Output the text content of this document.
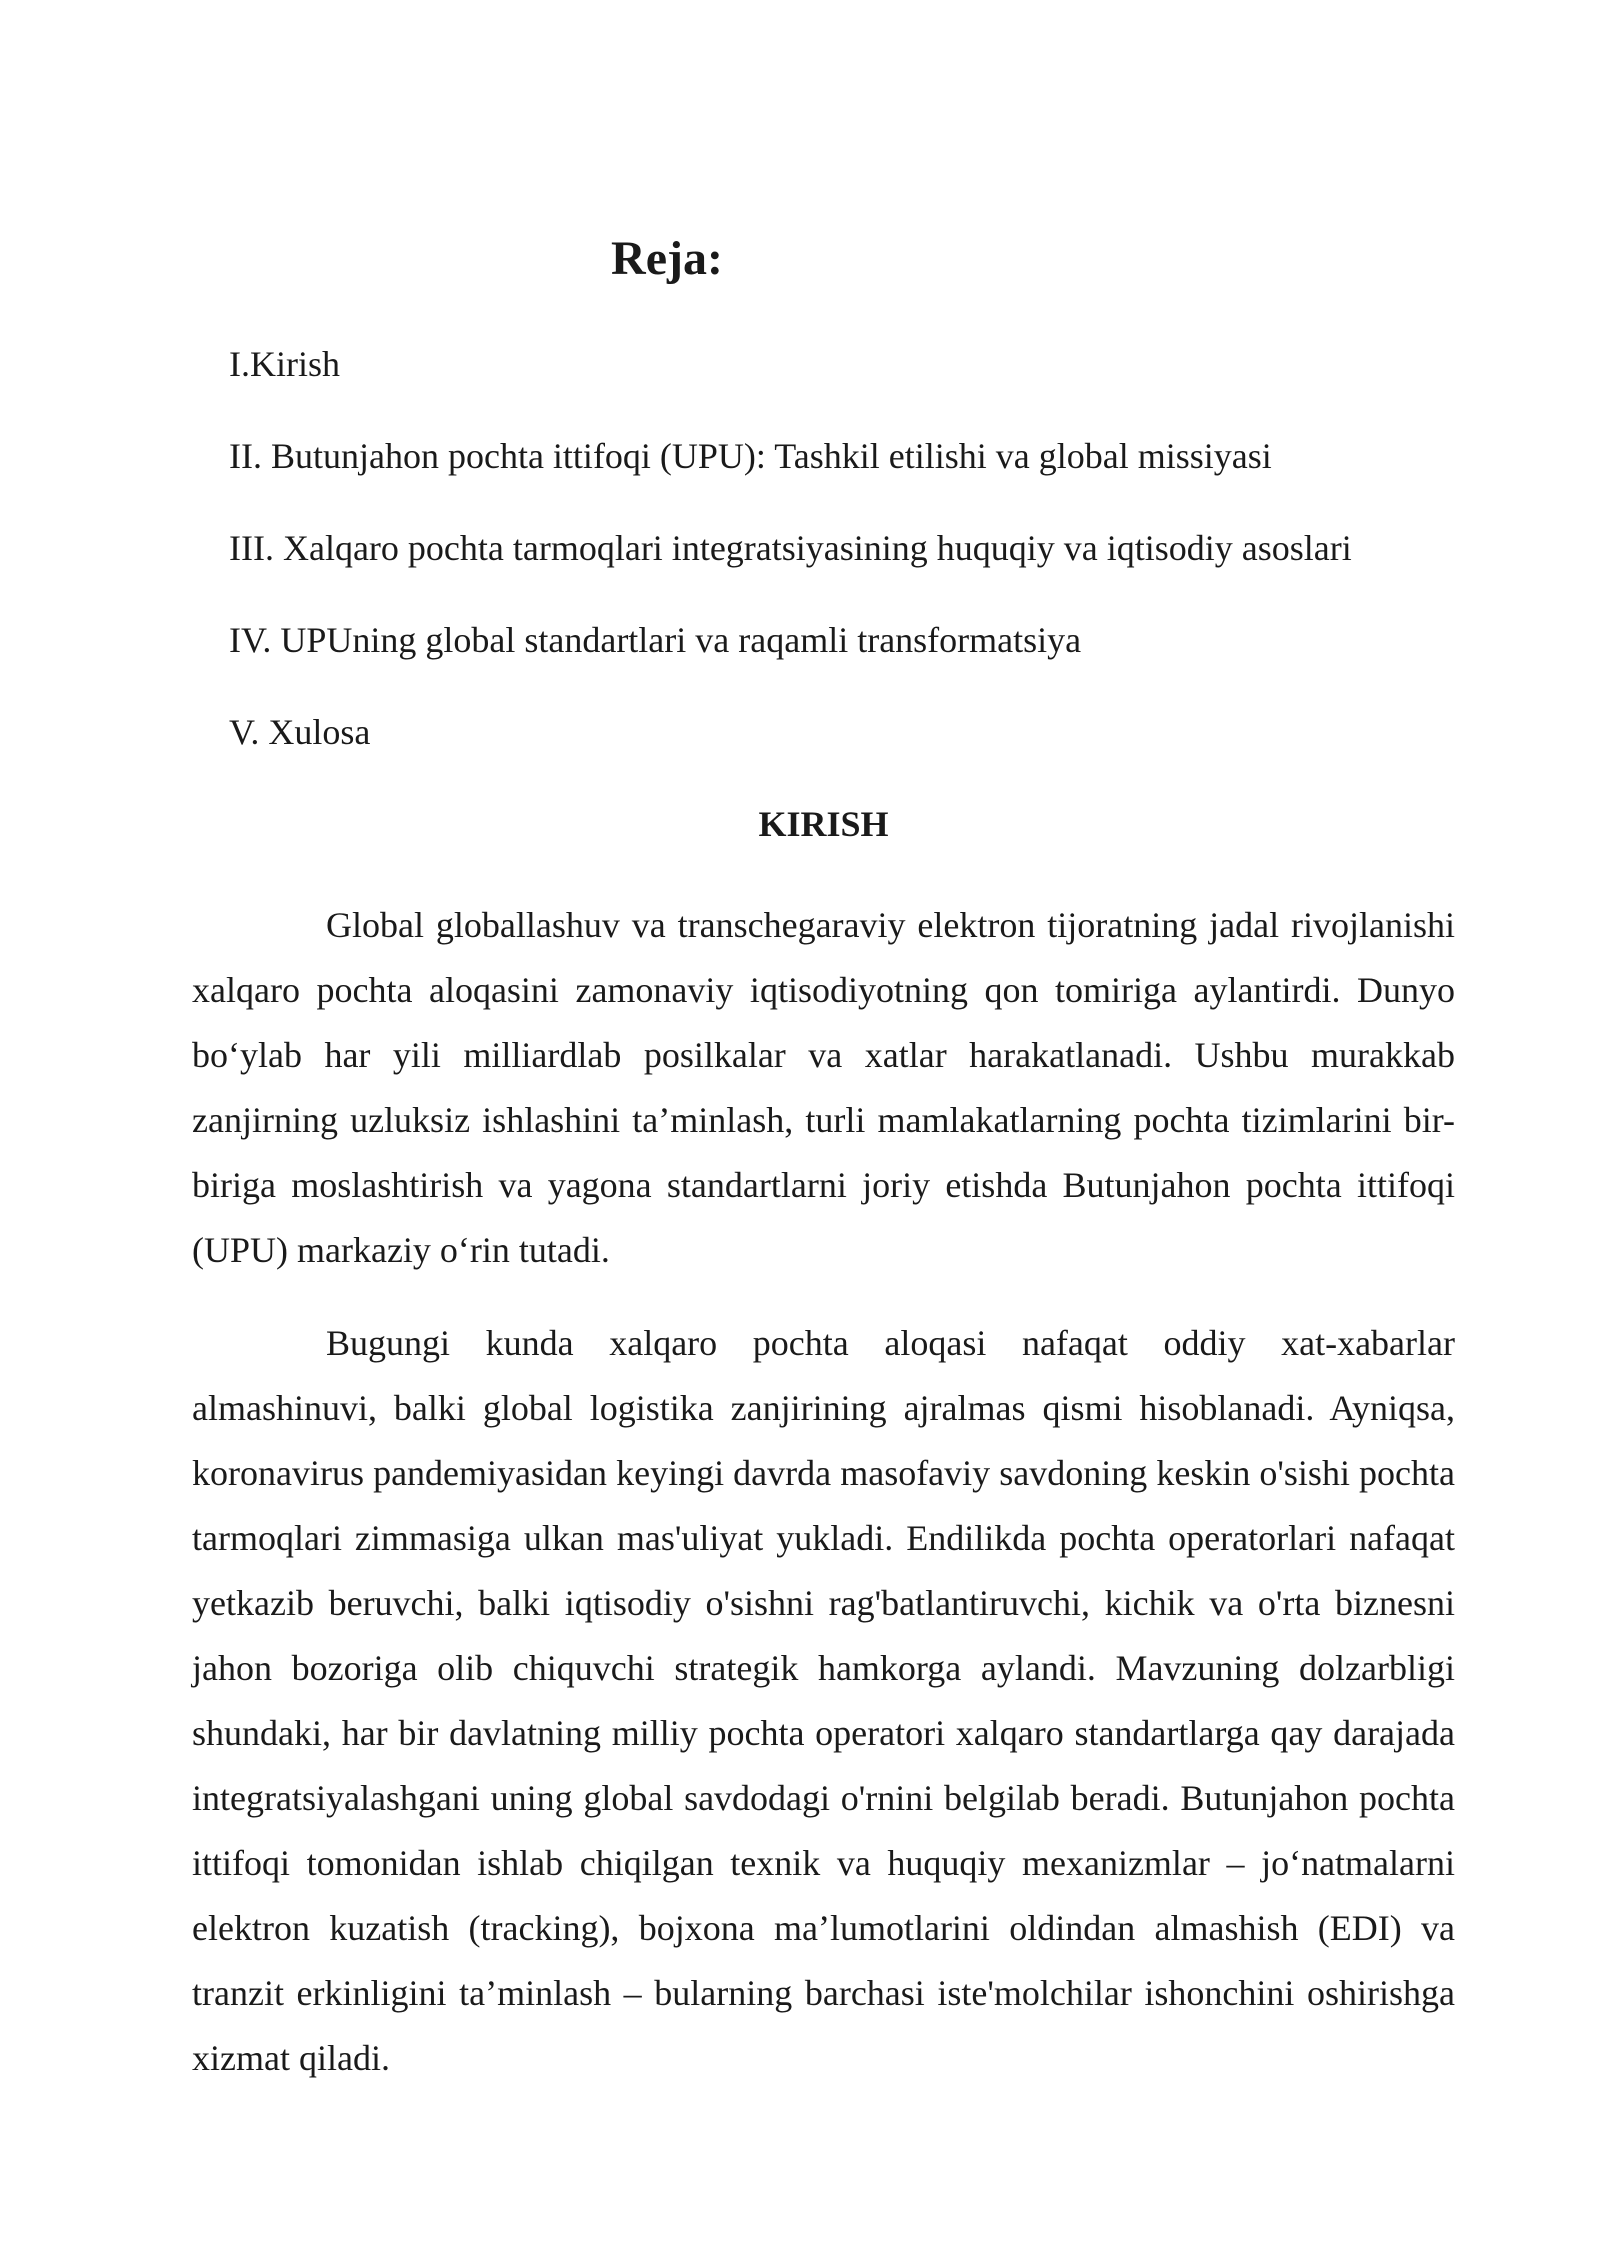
Reja:
I.Kirish
II. Butunjahon pochta ittifoqi (UPU): Tashkil etilishi va global missiyasi
III. Xalqaro pochta tarmoqlari integratsiyasining huquqiy va iqtisodiy asoslari
IV. UPUning global standartlari va raqamli transformatsiya
V. Xulosa
KIRISH

Global globallashuv va transchegaraviy elektron tijoratning jadal rivojlanishi xalqaro pochta aloqasini zamonaviy iqtisodiyotning qon tomiriga aylantirdi. Dunyo bo‘ylab har yili milliardlab posilkalar va xatlar harakatlanadi. Ushbu murakkab zanjirning uzluksiz ishlashini ta’minlash, turli mamlakatlarning pochta tizimlarini bir-biriga moslashtirish va yagona standartlarni joriy etishda Butunjahon pochta ittifoqi (UPU) markaziy o‘rin tutadi.

Bugungi kunda xalqaro pochta aloqasi nafaqat oddiy xat-xabarlar almashinuvi, balki global logistika zanjirining ajralmas qismi hisoblanadi. Ayniqsa, koronavirus pandemiyasidan keyingi davrda masofaviy savdoning keskin o'sishi pochta tarmoqlari zimmasiga ulkan mas'uliyat yukladi. Endilikda pochta operatorlari nafaqat yetkazib beruvchi, balki iqtisodiy o'sishni rag'batlantiruvchi, kichik va o'rta biznesni jahon bozoriga olib chiquvchi strategik hamkorga aylandi. Mavzuning dolzarbligi shundaki, har bir davlatning milliy pochta operatori xalqaro standartlarga qay darajada integratsiyalashgani uning global savdodagi o'rnini belgilab beradi. Butunjahon pochta ittifoqi tomonidan ishlab chiqilgan texnik va huquqiy mexanizmlar – jo‘natmalarni elektron kuzatish (tracking), bojxona ma’lumotlarini oldindan almashish (EDI) va tranzit erkinligini ta’minlash – bularning barchasi iste'molchilar ishonchini oshirishga xizmat qiladi.
